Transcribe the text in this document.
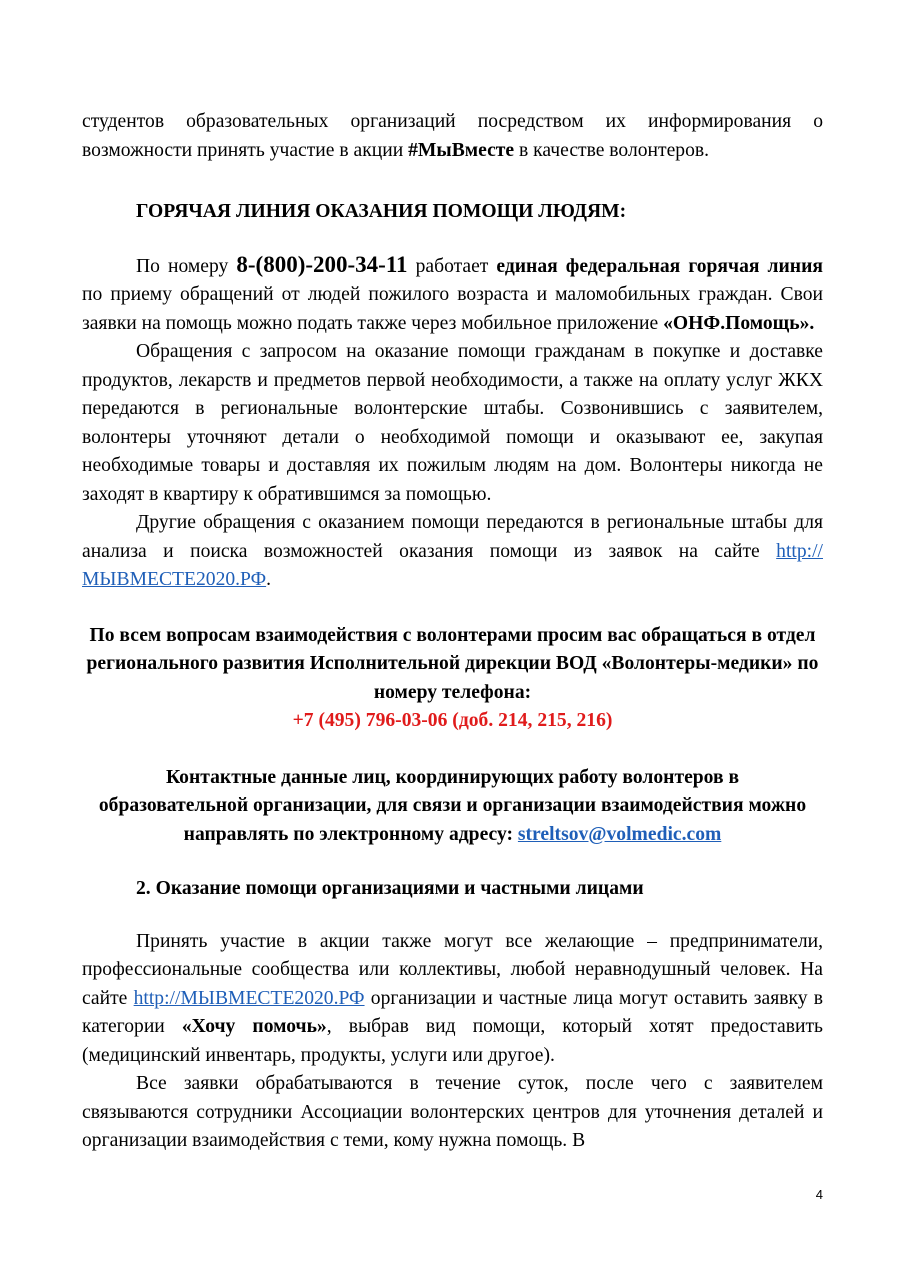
студентов образовательных организаций посредством их информирования о возможности принять участие в акции #МыВместе в качестве волонтеров.

ГОРЯЧАЯ ЛИНИЯ ОКАЗАНИЯ ПОМОЩИ ЛЮДЯМ:

По номеру 8-(800)-200-34-11 работает единая федеральная горячая линия по приему обращений от людей пожилого возраста и маломобильных граждан. Свои заявки на помощь можно подать также через мобильное приложение «ОНФ.Помощь».

Обращения с запросом на оказание помощи гражданам в покупке и доставке продуктов, лекарств и предметов первой необходимости, а также на оплату услуг ЖКХ передаются в региональные волонтерские штабы. Созвонившись с заявителем, волонтеры уточняют детали о необходимой помощи и оказывают ее, закупая необходимые товары и доставляя их пожилым людям на дом. Волонтеры никогда не заходят в квартиру к обратившимся за помощью.

Другие обращения с оказанием помощи передаются в региональные штабы для анализа и поиска возможностей оказания помощи из заявок на сайте http://МЫВМЕСТЕ2020.РФ.

По всем вопросам взаимодействия с волонтерами просим вас обращаться в отдел регионального развития Исполнительной дирекции ВОД «Волонтеры-медики» по номеру телефона:

+7 (495) 796-03-06 (доб. 214, 215, 216)

Контактные данные лиц, координирующих работу волонтеров в образовательной организации, для связи и организации взаимодействия можно направлять по электронному адресу: streltsov@volmedic.com

2. Оказание помощи организациями и частными лицами

Принять участие в акции также могут все желающие – предприниматели, профессиональные сообщества или коллективы, любой неравнодушный человек. На сайте http://МЫВМЕСТЕ2020.РФ организации и частные лица могут оставить заявку в категории «Хочу помочь», выбрав вид помощи, который хотят предоставить (медицинский инвентарь, продукты, услуги или другое).

Все заявки обрабатываются в течение суток, после чего с заявителем связываются сотрудники Ассоциации волонтерских центров для уточнения деталей и организации взаимодействия с теми, кому нужна помощь. В

4
